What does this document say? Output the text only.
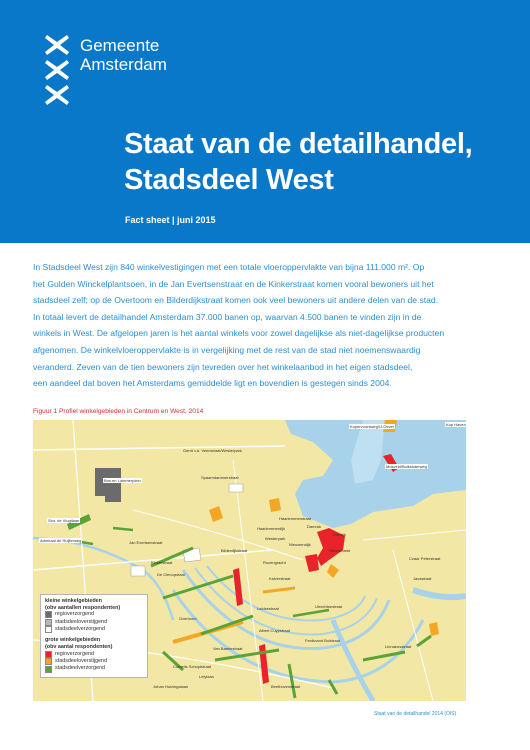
Gemeente
Amsterdam
Staat van de detailhandel,
Stadsdeel West
Fact sheet | juni 2015

In Stadsdeel West zijn 840 winkelvestigingen met een totale vloeroppervlakte van bijna 111.000 m². Op
het Gulden Winckelplantsoen, in de Jan Evertsenstraat en de Kinkerstraat komen vooral bewoners uit het
stadsdeel zelf; op de Overtoom en Bilderdijkstraat komen ook veel bewoners uit andere delen van de stad.
In totaal levert de detailhandel Amsterdam 37.000 banen op, waarvan 4.500 banen te vinden zijn in de
winkels in West. De afgelopen jaren is het aantal winkels voor zowel dagelijkse als niet-dagelijkse producten
afgenomen. De winkelvloeroppervlakte is in vergelijking met de rest van de stad niet noemenswaardig
veranderd. Zeven van de tien bewoners zijn tevreden over het winkelaanbod in het eigen stadsdeel,
een aandeel dat boven het Amsterdams gemiddelde ligt en bovendien is gestegen sinds 2004.

Figuur 1 Profiel winkelgebieden in Centrum en West, 2014
Kop Haven
Kopervoorsweg/IJ-Oever
Gerrit v.d. Veenstraat/Westerpark
Spaarndammerstraat
Bos en Lommerplein
Haarlemmerstraat
Haarlemmerdijk
Westerpark
Slot. de Vlugtlaan
Jan Evertsenstraat
Admiraal de Ruijterweg
Kinkerstraat
Bilderdijkstraat
De Clercqstraat
Rozengracht
Nieuwendijk
Kalverstraat
Damrak
Zeedijk
Nieuwmarkt
Overtoom
Leidsestraat	Utrechtsestraat
Ferdinand Bolstraat
Albert Cuypstraat
Van Baerlestraat
Cornelis Schuytstraat
Javastraat
Linnaeusstraat
Beethovenstraat
Czaar Peterstraat
Mosveld/Buiksloterweg
Johan Huizingalaan
Lelylaan
kleine winkelgebieden
(obv aantallen respondenten)
regioverzorgend
stadsdeeloverstijgend
stadsdeelverzorgend
grote winkelgebieden
(obv aantal respondenten)
regioverzorgend
stadsdeeloverstijgend
stadsdeelverzorgend
Staat van de detailhandel 2014 (OIS)
